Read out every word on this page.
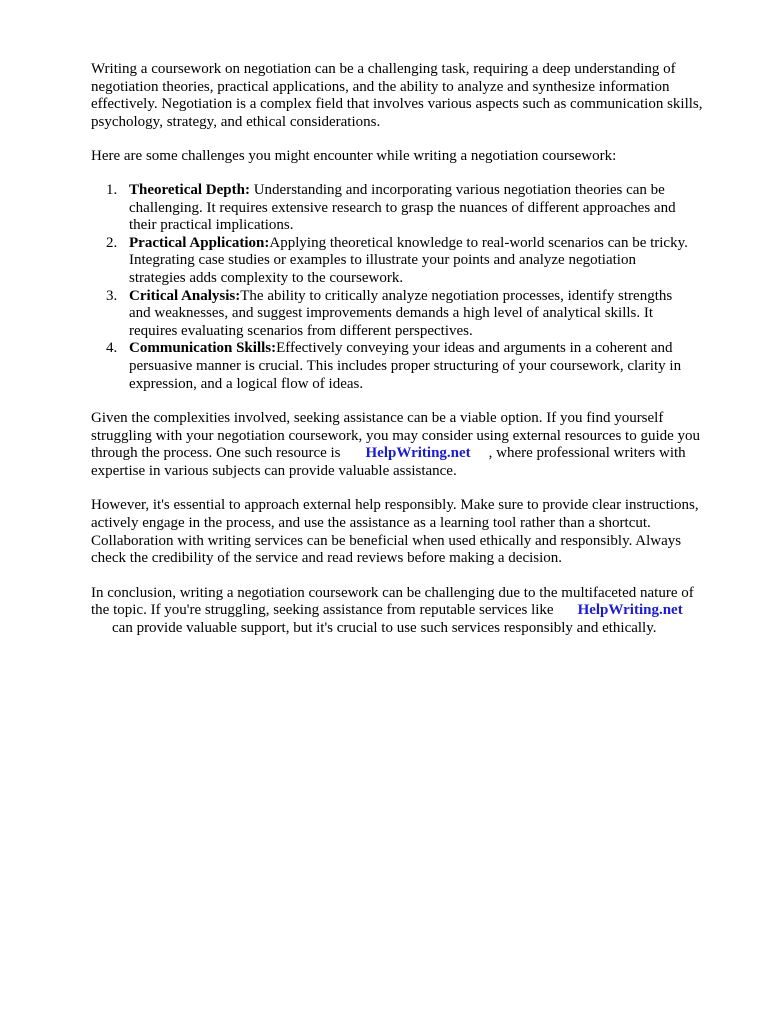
Writing a coursework on negotiation can be a challenging task, requiring a deep understanding of
negotiation theories, practical applications, and the ability to analyze and synthesize information
effectively. Negotiation is a complex field that involves various aspects such as communication skills,
psychology, strategy, and ethical considerations.

Here are some challenges you might encounter while writing a negotiation coursework:

1. Theoretical Depth: Understanding and incorporating various negotiation theories can be
challenging. It requires extensive research to grasp the nuances of different approaches and
their practical implications.
2. Practical Application:Applying theoretical knowledge to real-world scenarios can be tricky.
Integrating case studies or examples to illustrate your points and analyze negotiation
strategies adds complexity to the coursework.
3. Critical Analysis:The ability to critically analyze negotiation processes, identify strengths
and weaknesses, and suggest improvements demands a high level of analytical skills. It
requires evaluating scenarios from different perspectives.
4. Communication Skills:Effectively conveying your ideas and arguments in a coherent and
persuasive manner is crucial. This includes proper structuring of your coursework, clarity in
expression, and a logical flow of ideas.

Given the complexities involved, seeking assistance can be a viable option. If you find yourself
struggling with your negotiation coursework, you may consider using external resources to guide you
through the process. One such resource is HelpWriting.net , where professional writers with
expertise in various subjects can provide valuable assistance.

However, it's essential to approach external help responsibly. Make sure to provide clear instructions,
actively engage in the process, and use the assistance as a learning tool rather than a shortcut.
Collaboration with writing services can be beneficial when used ethically and responsibly. Always
check the credibility of the service and read reviews before making a decision.

In conclusion, writing a negotiation coursework can be challenging due to the multifaceted nature of
the topic. If you're struggling, seeking assistance from reputable services like HelpWriting.net
can provide valuable support, but it's crucial to use such services responsibly and ethically.
